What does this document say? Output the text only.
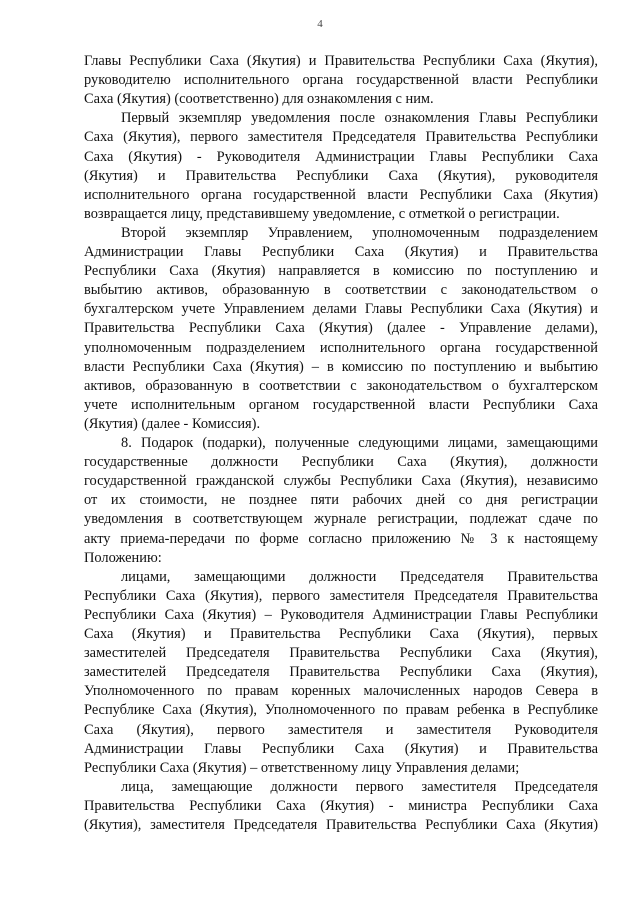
4
Главы Республики Саха (Якутия) и Правительства Республики Саха (Якутия),
руководителю исполнительного органа государственной власти Республики
Саха (Якутия) (соответственно) для ознакомления с ним.
Первый экземпляр уведомления после ознакомления Главы Республики
Саха (Якутия), первого заместителя Председателя Правительства Республики
Саха (Якутия) - Руководителя Администрации Главы Республики Саха
(Якутия) и Правительства Республики Саха (Якутия), руководителя
исполнительного органа государственной власти Республики Саха (Якутия)
возвращается лицу, представившему уведомление, с отметкой о регистрации.
Второй экземпляр Управлением, уполномоченным подразделением
Администрации Главы Республики Саха (Якутия) и Правительства
Республики Саха (Якутия) направляется в комиссию по поступлению и
выбытию активов, образованную в соответствии с законодательством о
бухгалтерском учете Управлением делами Главы Республики Саха (Якутия) и
Правительства Республики Саха (Якутия) (далее - Управление делами),
уполномоченным подразделением исполнительного органа государственной
власти Республики Саха (Якутия) – в комиссию по поступлению и выбытию
активов, образованную в соответствии с законодательством о бухгалтерском
учете исполнительным органом государственной власти Республики Саха
(Якутия) (далее - Комиссия).
8. Подарок (подарки), полученные следующими лицами, замещающими
государственные должности Республики Саха (Якутия), должности
государственной гражданской службы Республики Саха (Якутия), независимо
от их стоимости, не позднее пяти рабочих дней со дня регистрации
уведомления в соответствующем журнале регистрации, подлежат сдаче по
акту приема-передачи по форме согласно приложению № 3 к настоящему
Положению:
лицами, замещающими должности Председателя Правительства
Республики Саха (Якутия), первого заместителя Председателя Правительства
Республики Саха (Якутия) – Руководителя Администрации Главы Республики
Саха (Якутия) и Правительства Республики Саха (Якутия), первых
заместителей Председателя Правительства Республики Саха (Якутия),
заместителей Председателя Правительства Республики Саха (Якутия),
Уполномоченного по правам коренных малочисленных народов Севера в
Республике Саха (Якутия), Уполномоченного по правам ребенка в Республике
Саха (Якутия), первого заместителя и заместителя Руководителя
Администрации Главы Республики Саха (Якутия) и Правительства
Республики Саха (Якутия) – ответственному лицу Управления делами;
лица, замещающие должности первого заместителя Председателя
Правительства Республики Саха (Якутия) - министра Республики Саха
(Якутия), заместителя Председателя Правительства Республики Саха (Якутия)
